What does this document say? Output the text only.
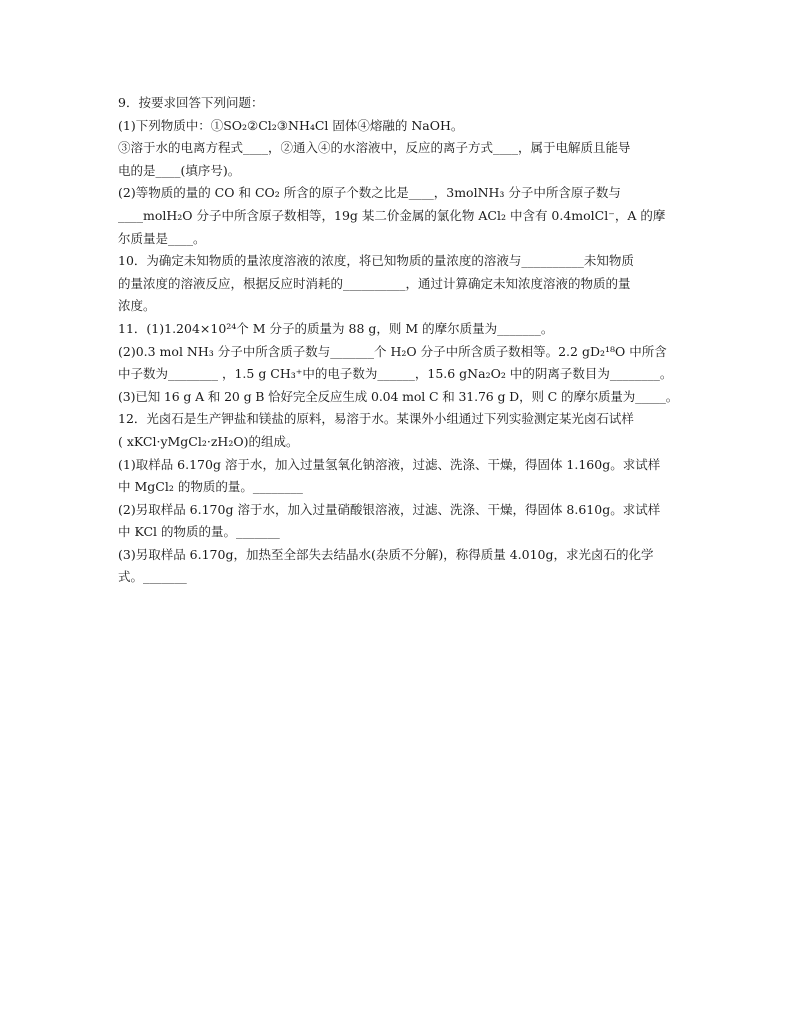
9．按要求回答下列问题：
(1)下列物质中：①SO₂②Cl₂③NH₄Cl 固体④熔融的 NaOH。
③溶于水的电离方程式____，②通入④的水溶液中，反应的离子方式____，属于电解质且能导
电的是____(填序号)。
(2)等物质的量的 CO 和 CO₂ 所含的原子个数之比是____，3molNH₃ 分子中所含原子数与
____molH₂O 分子中所含原子数相等，19g 某二价金属的氯化物 ACl₂ 中含有 0.4molCl⁻，A 的摩
尔质量是____。
10．为确定未知物质的量浓度溶液的浓度，将已知物质的量浓度的溶液与__________未知物质
的量浓度的溶液反应，根据反应时消耗的__________，通过计算确定未知浓度溶液的物质的量
浓度。
11．(1)1.204×10²⁴个 M 分子的质量为 88 g，则 M 的摩尔质量为_______。
(2)0.3 mol NH₃ 分子中所含质子数与_______个 H₂O 分子中所含质子数相等。2.2 gD₂¹⁸O 中所含
中子数为________ ，1.5 g CH₃⁺中的电子数为______，15.6 gNa₂O₂ 中的阴离子数目为________。
(3)已知 16 g A 和 20 g B 恰好完全反应生成 0.04 mol C 和 31.76 g D，则 C 的摩尔质量为_____。
12．光卤石是生产钾盐和镁盐的原料，易溶于水。某课外小组通过下列实验测定某光卤石试样
( xKCl·yMgCl₂·zH₂O)的组成。
(1)取样品 6.170g 溶于水，加入过量氢氧化钠溶液，过滤、洗涤、干燥，得固体 1.160g。求试样
中 MgCl₂ 的物质的量。________
(2)另取样品 6.170g 溶于水，加入过量硝酸银溶液，过滤、洗涤、干燥，得固体 8.610g。求试样
中 KCl 的物质的量。_______
(3)另取样品 6.170g，加热至全部失去结晶水(杂质不分解)，称得质量 4.010g，求光卤石的化学
式。_______
